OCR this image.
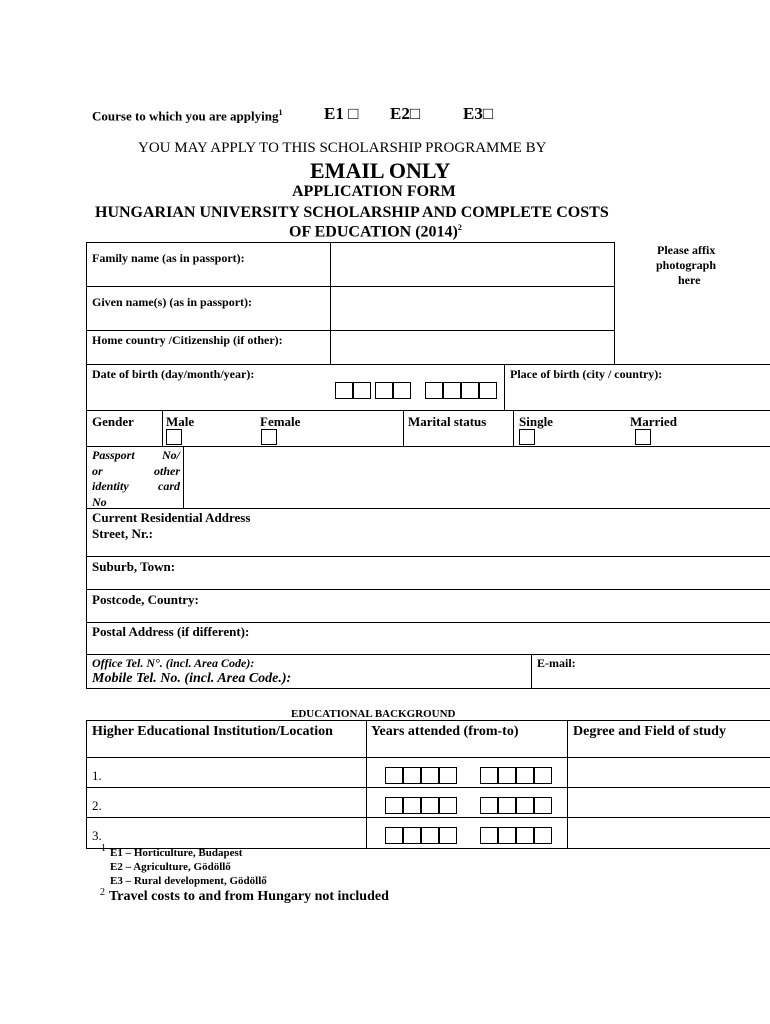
Course to which you are applying$^1$ E1 □ E2□	E3□
YOU MAY APPLY TO THIS SCHOLARSHIP PROGRAMME BY
EMAIL ONLY
APPLICATION FORM
HUNGARIAN UNIVERSITY SCHOLARSHIP AND COMPLETE COSTS
OF EDUCATION $(2014)^2$
Please affix
photograph
here
Family name (as in passport):
Given name(s) (as in passport):
Home country /Citizenship (if other):
Date of birth (day/month/year):	Place of birth (city / country):
Gender Male	Female	Marital status	Single	Married
Passport No/
or other
identity card
No
Current Residential Address
Street, Nr.:
Suburb, Town:
Postcode, Country:
Postal Address (if different):
Office Tel. N°. (incl. Area Code):
Mobile Tel. No. (incl. Area Code.):
E-mail:
EDUCATIONAL BACKGROUND
Higher Educational Institution/Location	Years attended (from-to)	Degree and Field of study
1.
2.
3.
1 E1 – Horticulture, Budapest
E2 – Agriculture, Gödöllő
E3 – Rural development, Gödöllő
2 Travel costs to and from Hungary not included
